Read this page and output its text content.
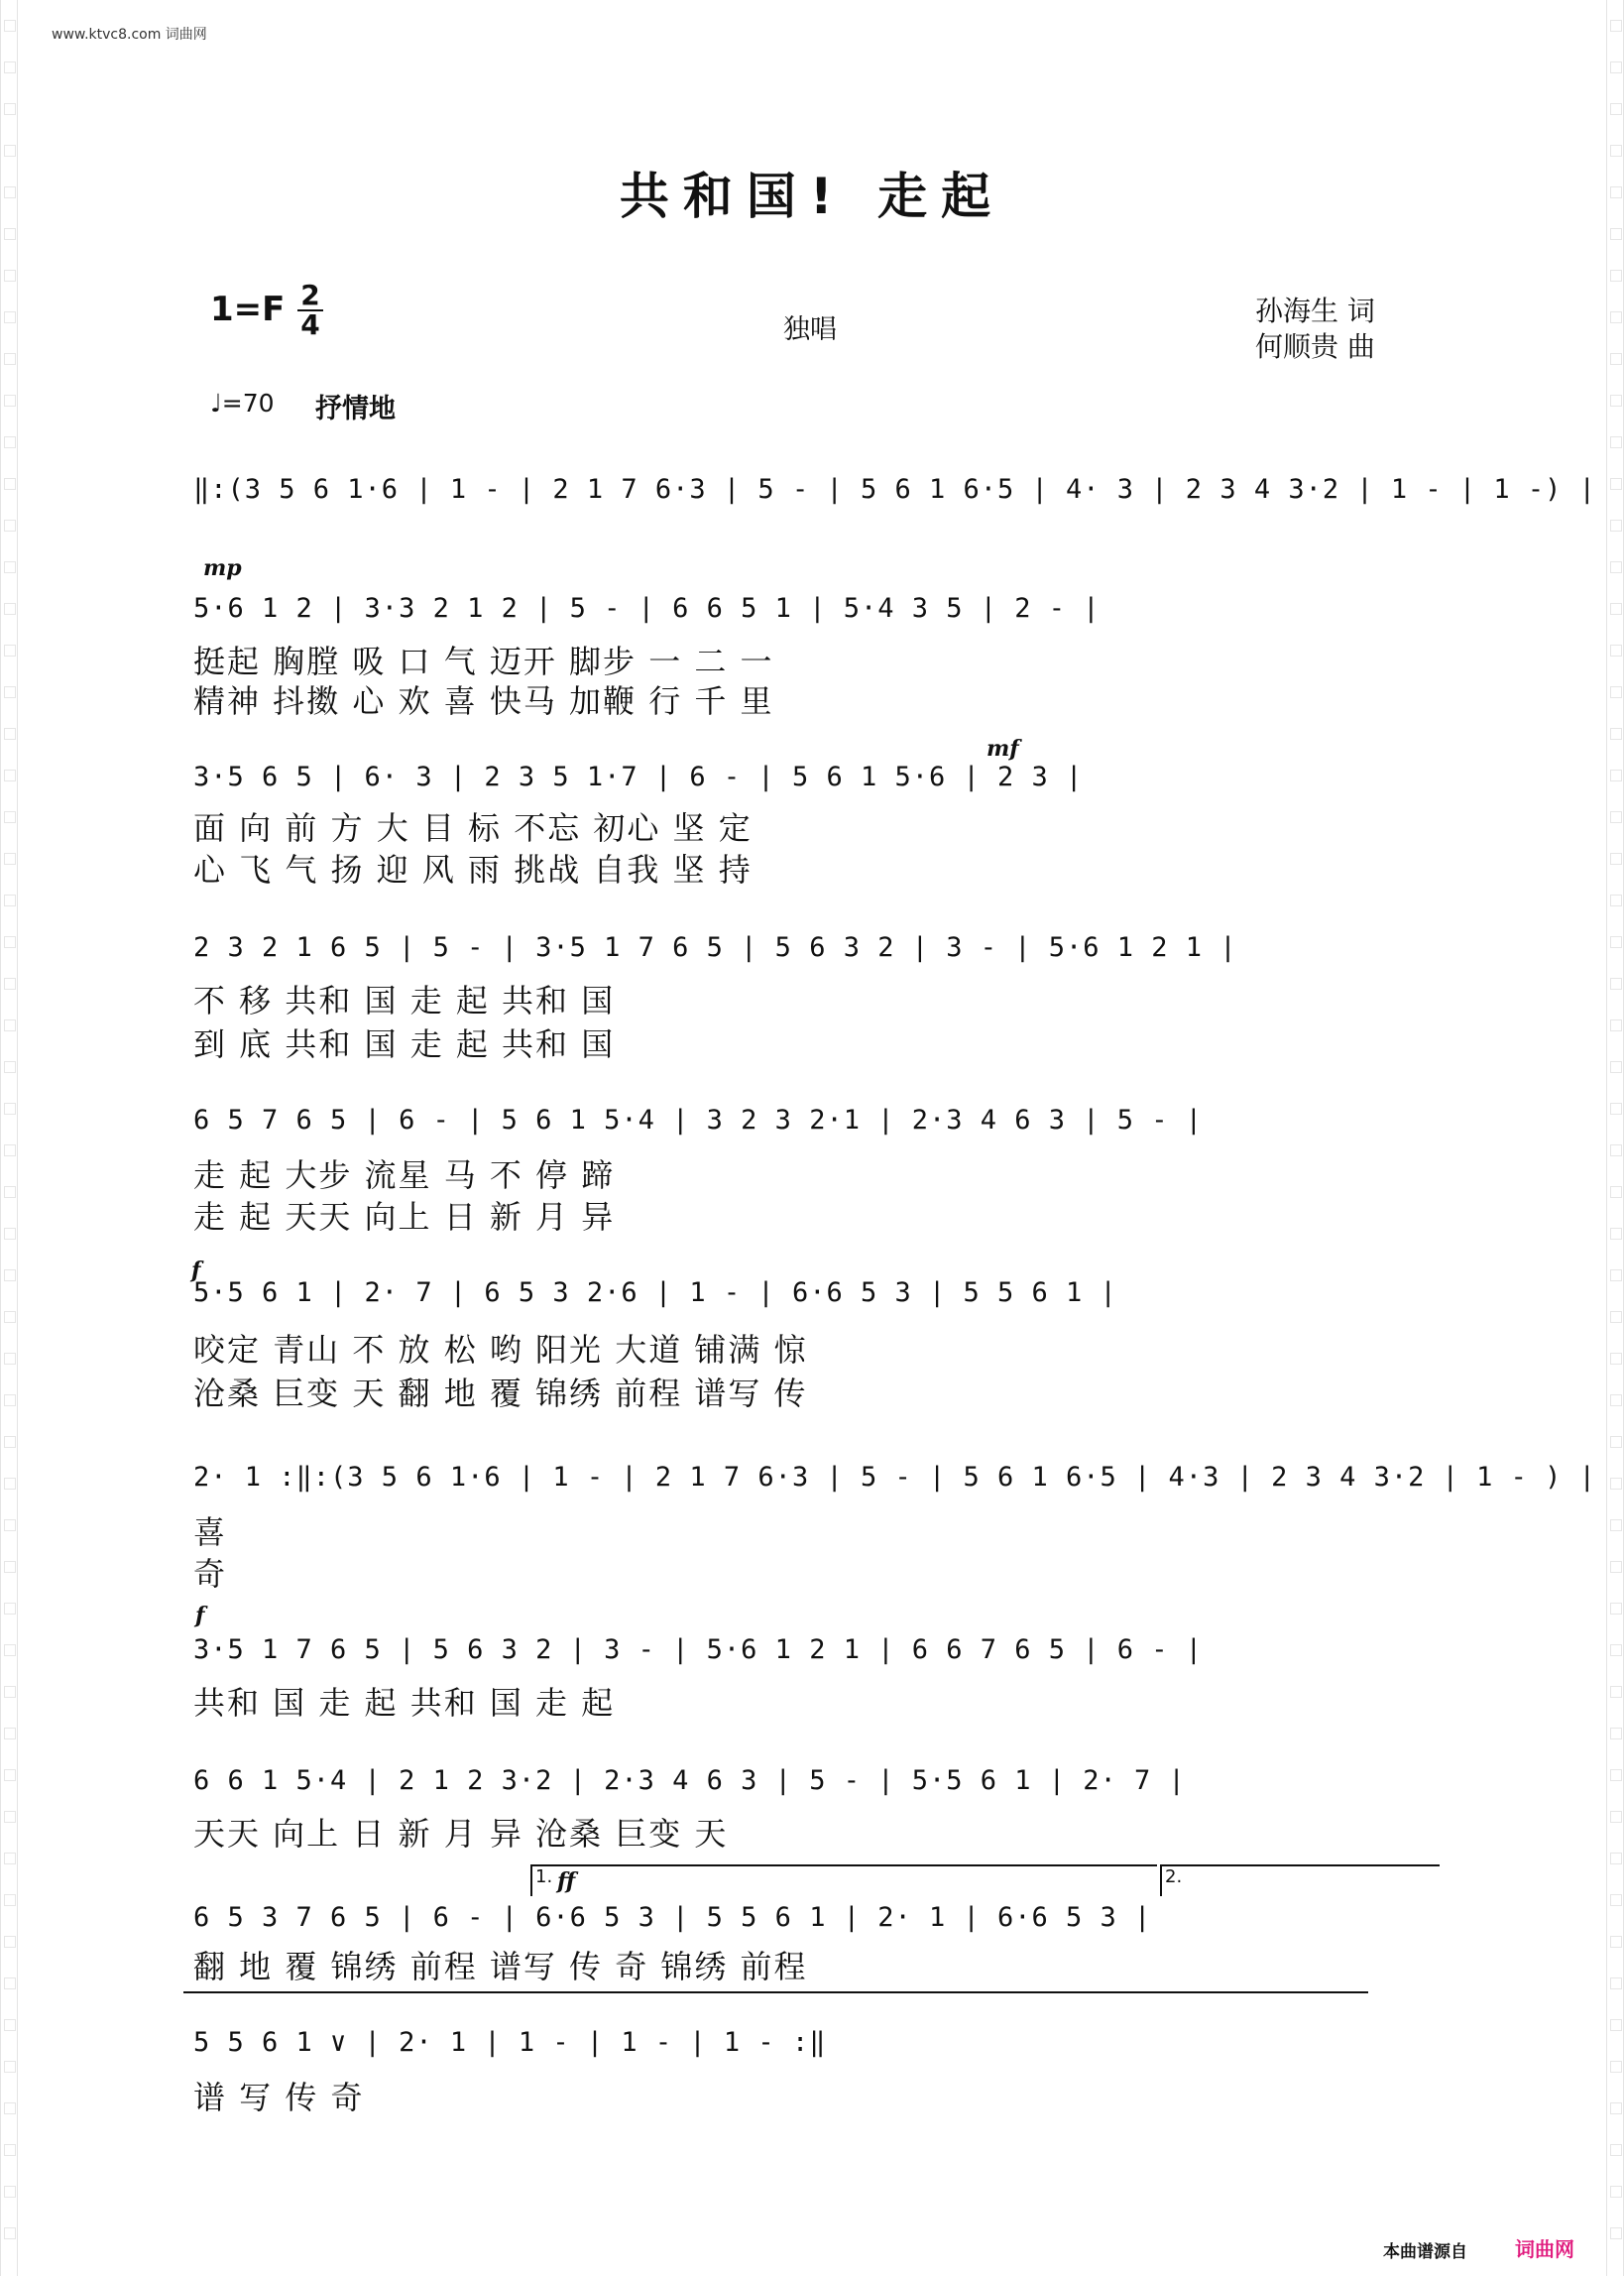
www.ktvc8.com 词曲网
共和国! 走起
1=F 2
4	独唱
孙海生 词
何顺贵 曲
♩=70 抒情地
‖:(3 5 6 1·6 | 1 - | 2 1 7 6·3 | 5 - | 5 6 1 6·5 | 4· 3 | 2 3 4 3·2 | 1 - | 1 -) |
mp
5·6 1 2 | 3·3 2 1 2 | 5 - | 6 6 5 1 | 5·4 3 5 | 2 - |
挺起 胸膛 吸 口 气 迈开 脚步 一 二 一
精神 抖擞 心 欢 喜 快马 加鞭 行 千 里
mf
3·5 6 5 | 6· 3 | 2 3 5 1·7 | 6 - | 5 6 1 5·6 | 2 3 |
面 向 前 方 大 目 标 不忘 初心 坚 定
心 飞 气 扬 迎 风 雨 挑战 自我 坚 持
2 3 2 1 6 5 | 5 - | 3·5 1 7 6 5 | 5 6 3 2 | 3 - | 5·6 1 2 1 |
不 移 共和 国 走 起 共和 国
到 底 共和 国 走 起 共和 国
6 5 7 6 5 | 6 - | 5 6 1 5·4 | 3 2 3 2·1 | 2·3 4 6 3 | 5 - |
走 起 大步 流星 马 不 停 蹄
走 起 天天 向上 日 新 月 异
f
5·5 6 1 | 2· 7 | 6 5 3 2·6 | 1 - | 6·6 5 3 | 5 5 6 1 |
咬定 青山 不 放 松 哟 阳光 大道 铺满 惊
沧桑 巨变 天 翻 地 覆 锦绣 前程 谱写 传
2· 1 :‖:(3 5 6 1·6 | 1 - | 2 1 7 6·3 | 5 - | 5 6 1 6·5 | 4·3 | 2 3 4 3·2 | 1 - ) |
喜
奇
f
3·5 1 7 6 5 | 5 6 3 2 | 3 - | 5·6 1 2 1 | 6 6 7 6 5 | 6 - |
共和 国 走 起 共和 国 走 起
6 6 1 5·4 | 2 1 2 3·2 | 2·3 4 6 3 | 5 - | 5·5 6 1 | 2· 7 |
天天 向上 日 新 月 异 沧桑 巨变 天
1.	2.
ff
6 5 3 7 6 5 | 6 - | 6·6 5 3 | 5 5 6 1 | 2· 1 | 6·6 5 3 |
翻 地 覆 锦绣 前程 谱写 传 奇 锦绣 前程
5 5 6 1 ∨ | 2· 1 | 1 - | 1 - | 1 - :‖
谱 写 传 奇
本曲谱源自 词曲网
